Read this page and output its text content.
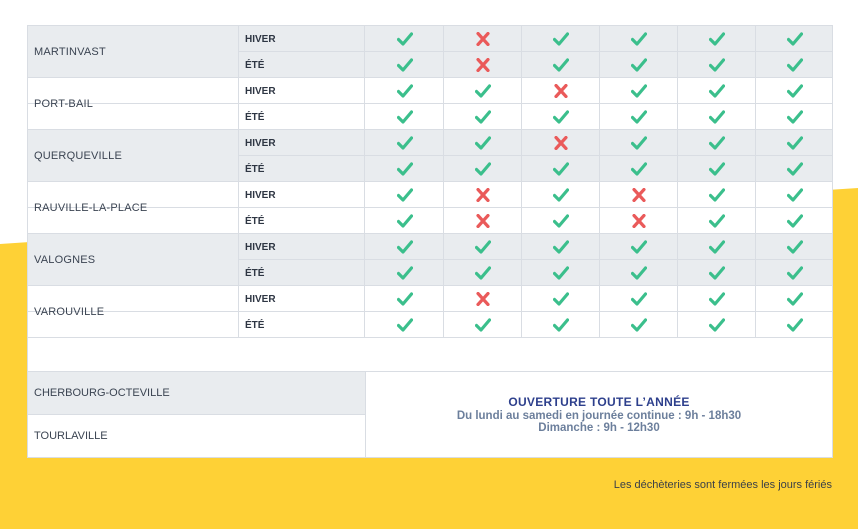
HIVER
ÉTÉ
MARTINVAST
HIVER
ÉTÉ
PORT-BAIL
HIVER
ÉTÉ
QUERQUEVILLE
HIVER
ÉTÉ
RAUVILLE-LA-PLACE
HIVER
ÉTÉ
VALOGNES
HIVER
ÉTÉ
VAROUVILLE
CHERBOURG-OCTEVILLE
TOURLAVILLE
OUVERTURE TOUTE L’ANNÉE
Du lundi au samedi en journée continue : 9h - 18h30
Dimanche : 9h - 12h30
Les déchèteries sont fermées les jours fériés
